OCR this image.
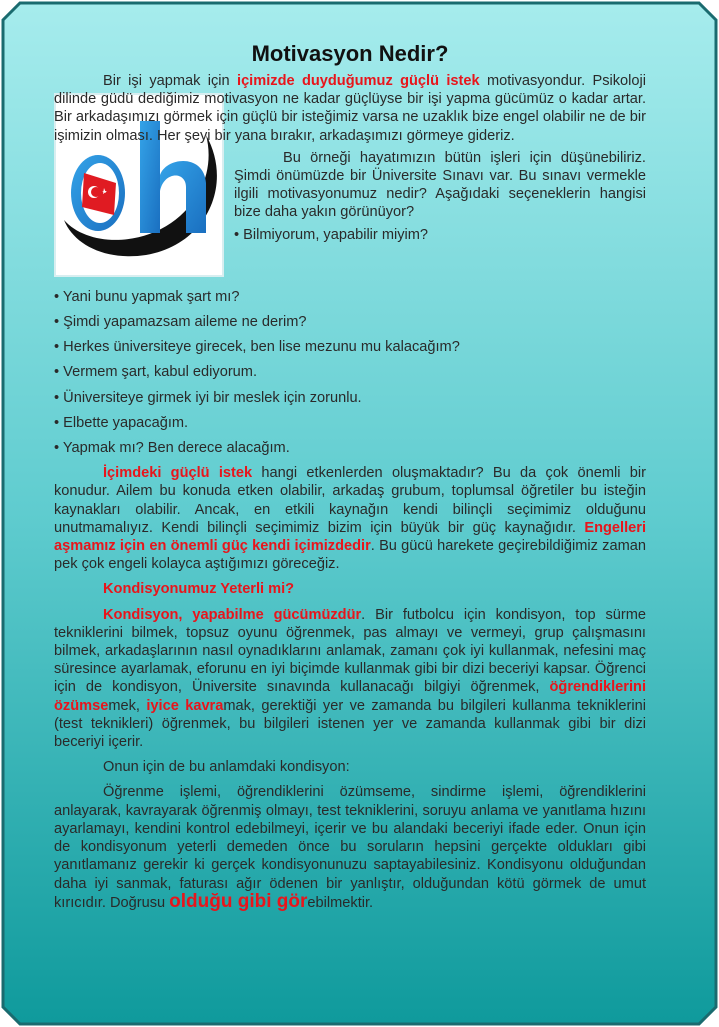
Motivasyon Nedir?

Bir işi yapmak için içimizde duyduğumuz güçlü istek motivasyondur. Psikoloji dilinde güdü dediğimiz motivasyon ne kadar güçlüyse bir işi yapma gücümüz o kadar artar. Bir arkadaşımızı görmek için güçlü bir isteğimiz varsa ne uzaklık bize engel olabilir ne de bir işimizin olması. Her şeyi bir yana bırakır, arkadaşımızı görmeye gideriz.

Bu örneği hayatımızın bütün işleri için düşünebiliriz. Şimdi önümüzde bir Üniversite Sınavı var. Bu sınavı vermekle ilgili motivasyonumuz nedir? Aşağıdaki seçeneklerin hangisi bize daha yakın görünüyor?

• Bilmiyorum, yapabilir miyim?

• Yani bunu yapmak şart mı?

• Şimdi yapamazsam aileme ne derim?

• Herkes üniversiteye girecek, ben lise mezunu mu kalacağım?

• Vermem şart, kabul ediyorum.

• Üniversiteye girmek iyi bir meslek için zorunlu.

• Elbette yapacağım.

• Yapmak mı? Ben derece alacağım.

İçimdeki güçlü istek hangi etkenlerden oluşmaktadır? Bu da çok önemli bir konudur. Ailem bu konuda etken olabilir, arkadaş grubum, toplumsal öğretiler bu isteğin kaynakları olabilir. Ancak, en etkili kaynağın kendi bilinçli seçimimiz olduğunu unutmamalıyız. Kendi bilinçli seçimimiz bizim için büyük bir güç kaynağıdır. Engelleri aşmamız için en önemli güç kendi içimizdedir. Bu gücü harekete geçirebildiğimiz zaman pek çok engeli kolayca aştığımızı göreceğiz.

Kondisyonumuz Yeterli mi?

Kondisyon, yapabilme gücümüzdür. Bir futbolcu için kondisyon, top sürme tekniklerini bilmek, topsuz oyunu öğrenmek, pas almayı ve vermeyi, grup çalışmasını bilmek, arkadaşlarının nasıl oynadıklarını anlamak, zamanı çok iyi kullanmak, nefesini maç süresince ayarlamak, eforunu en iyi biçimde kullanmak gibi bir dizi beceriyi kapsar. Öğrenci için de kondisyon, Üniversite sınavında kullanacağı bilgiyi öğrenmek, öğrendiklerini özümsemek, iyice kavramak, gerektiği yer ve zamanda bu bilgileri kullanma tekniklerini (test teknikleri) öğrenmek, bu bilgileri istenen yer ve zamanda kullanmak gibi bir dizi beceriyi içerir.

Onun için de bu anlamdaki kondisyon:

Öğrenme işlemi, öğrendiklerini özümseme, sindirme işlemi, öğrendiklerini anlayarak, kavrayarak öğrenmiş olmayı, test tekniklerini, soruyu anlama ve yanıtlama hızını ayarlamayı, kendini kontrol edebilmeyi, içerir ve bu alandaki beceriyi ifade eder. Onun için de kondisyonum yeterli demeden önce bu soruların hepsini gerçekte oldukları gibi yanıtlamanız gerekir ki gerçek kondisyonunuzu saptayabilesiniz. Kondisyonu olduğundan daha iyi sanmak, faturası ağır ödenen bir yanlıştır, olduğundan kötü görmek de umut kırıcıdır. Doğrusu olduğu gibi görebilmektir.
